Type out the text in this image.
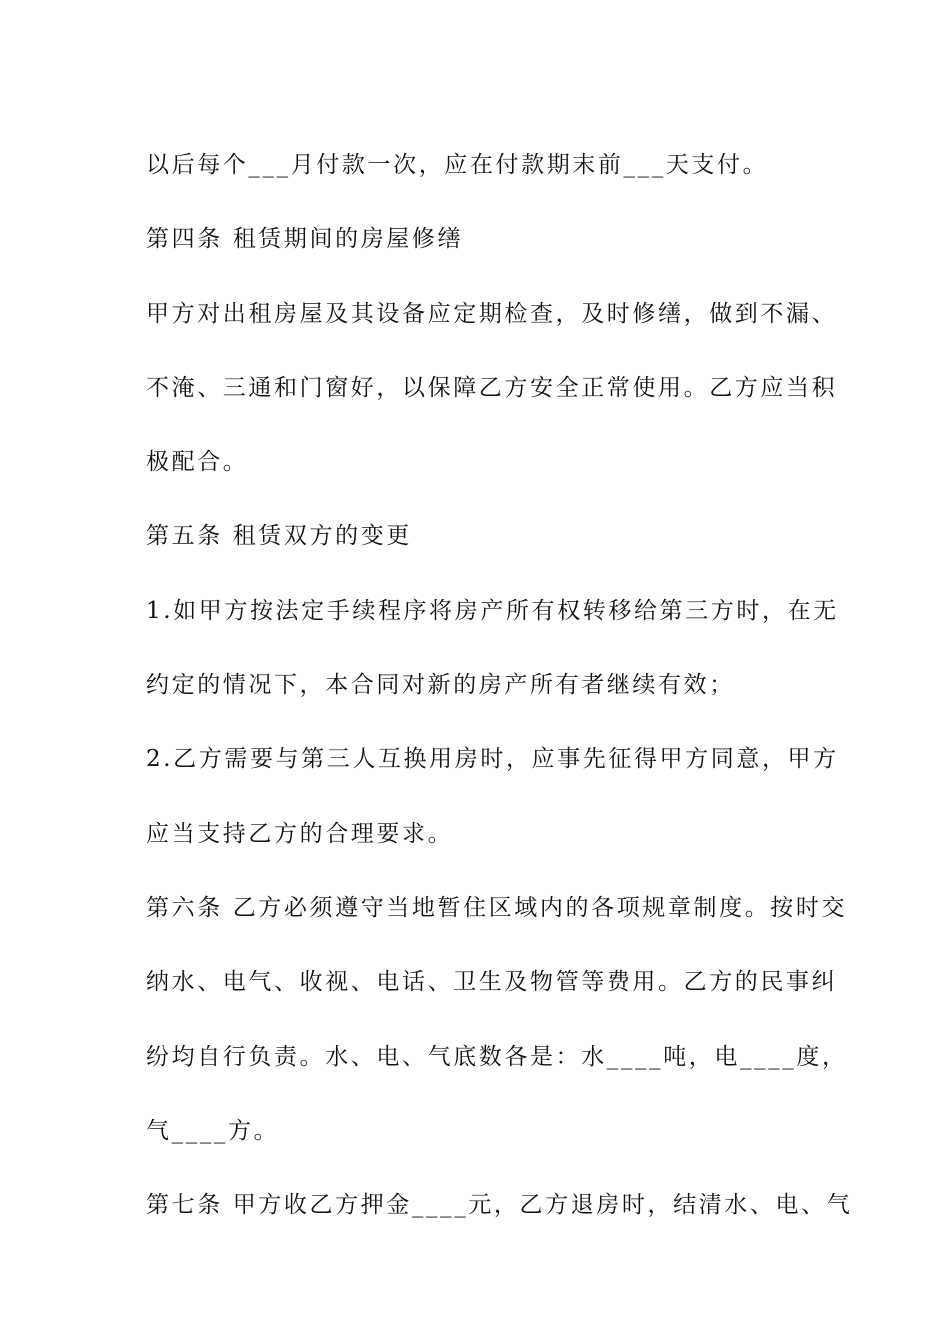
以后每个___月付款一次，应在付款期末前___天支付。
第四条 租赁期间的房屋修缮
甲方对出租房屋及其设备应定期检查，及时修缮，做到不漏、
不淹、三通和门窗好，以保障乙方安全正常使用。乙方应当积
极配合。
第五条 租赁双方的变更
1.如甲方按法定手续程序将房产所有权转移给第三方时，在无
约定的情况下，本合同对新的房产所有者继续有效；
2.乙方需要与第三人互换用房时，应事先征得甲方同意，甲方
应当支持乙方的合理要求。
第六条 乙方必须遵守当地暂住区域内的各项规章制度。按时交
纳水、电气、收视、电话、卫生及物管等费用。乙方的民事纠
纷均自行负责。水、电、气底数各是：水____吨，电____度，
气____方。
第七条 甲方收乙方押金____元，乙方退房时，结清水、电、气
